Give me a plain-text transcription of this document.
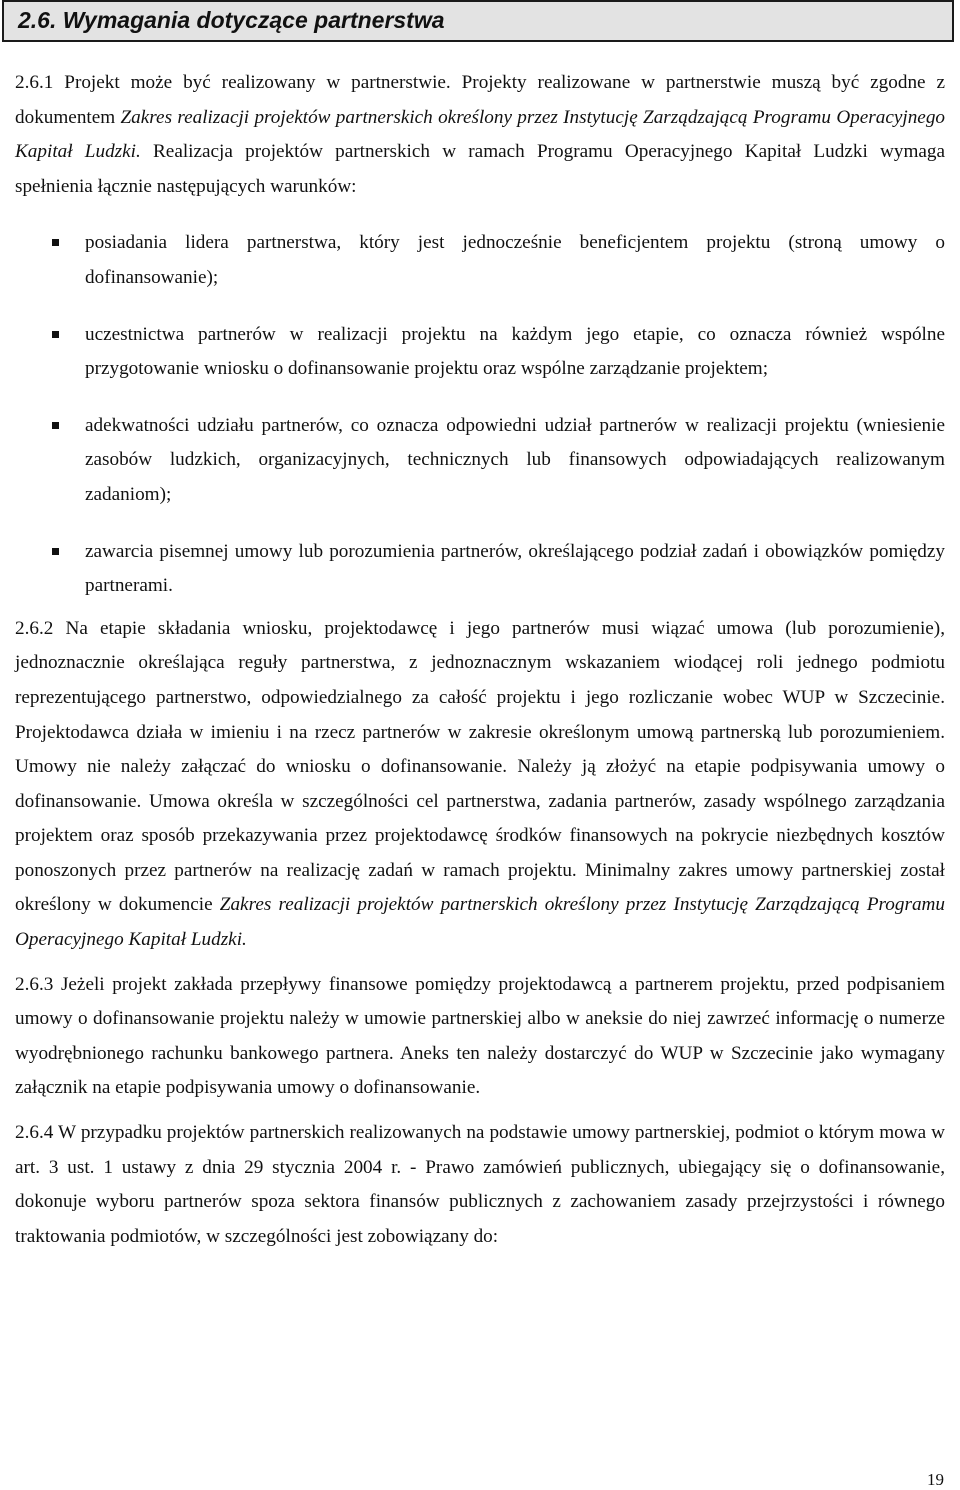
2.6. Wymagania dotyczące partnerstwa

2.6.1 Projekt może być realizowany w partnerstwie. Projekty realizowane w partnerstwie muszą być zgodne z dokumentem Zakres realizacji projektów partnerskich określony przez Instytucję Zarządzającą Programu Operacyjnego Kapitał Ludzki. Realizacja projektów partnerskich w ramach Programu Operacyjnego Kapitał Ludzki wymaga spełnienia łącznie następujących warunków:

posiadania lidera partnerstwa, który jest jednocześnie beneficjentem projektu (stroną umowy o dofinansowanie);
uczestnictwa partnerów w realizacji projektu na każdym jego etapie, co oznacza również wspólne przygotowanie wniosku o dofinansowanie projektu oraz wspólne zarządzanie projektem;
adekwatności udziału partnerów, co oznacza odpowiedni udział partnerów w realizacji projektu (wniesienie zasobów ludzkich, organizacyjnych, technicznych lub finansowych odpowiadających realizowanym zadaniom);
zawarcia pisemnej umowy lub porozumienia partnerów, określającego podział zadań i obowiązków pomiędzy partnerami.

2.6.2 Na etapie składania wniosku, projektodawcę i jego partnerów musi wiązać umowa (lub porozumienie), jednoznacznie określająca reguły partnerstwa, z jednoznacznym wskazaniem wiodącej roli jednego podmiotu reprezentującego partnerstwo, odpowiedzialnego za całość projektu i jego rozliczanie wobec WUP w Szczecinie. Projektodawca działa w imieniu i na rzecz partnerów w zakresie określonym umową partnerską lub porozumieniem. Umowy nie należy załączać do wniosku o dofinansowanie. Należy ją złożyć na etapie podpisywania umowy o dofinansowanie. Umowa określa w szczególności cel partnerstwa, zadania partnerów, zasady wspólnego zarządzania projektem oraz sposób przekazywania przez projektodawcę środków finansowych na pokrycie niezbędnych kosztów ponoszonych przez partnerów na realizację zadań w ramach projektu. Minimalny zakres umowy partnerskiej został określony w dokumencie Zakres realizacji projektów partnerskich określony przez Instytucję Zarządzającą Programu Operacyjnego Kapitał Ludzki.

2.6.3 Jeżeli projekt zakłada przepływy finansowe pomiędzy projektodawcą a partnerem projektu, przed podpisaniem umowy o dofinansowanie projektu należy w umowie partnerskiej albo w aneksie do niej zawrzeć informację o numerze wyodrębnionego rachunku bankowego partnera. Aneks ten należy dostarczyć do WUP w Szczecinie jako wymagany załącznik na etapie podpisywania umowy o dofinansowanie.

2.6.4 W przypadku projektów partnerskich realizowanych na podstawie umowy partnerskiej, podmiot o którym mowa w art. 3 ust. 1 ustawy z dnia 29 stycznia 2004 r. - Prawo zamówień publicznych, ubiegający się o dofinansowanie, dokonuje wyboru partnerów spoza sektora finansów publicznych z zachowaniem zasady przejrzystości i równego traktowania podmiotów, w szczególności jest zobowiązany do:

19
